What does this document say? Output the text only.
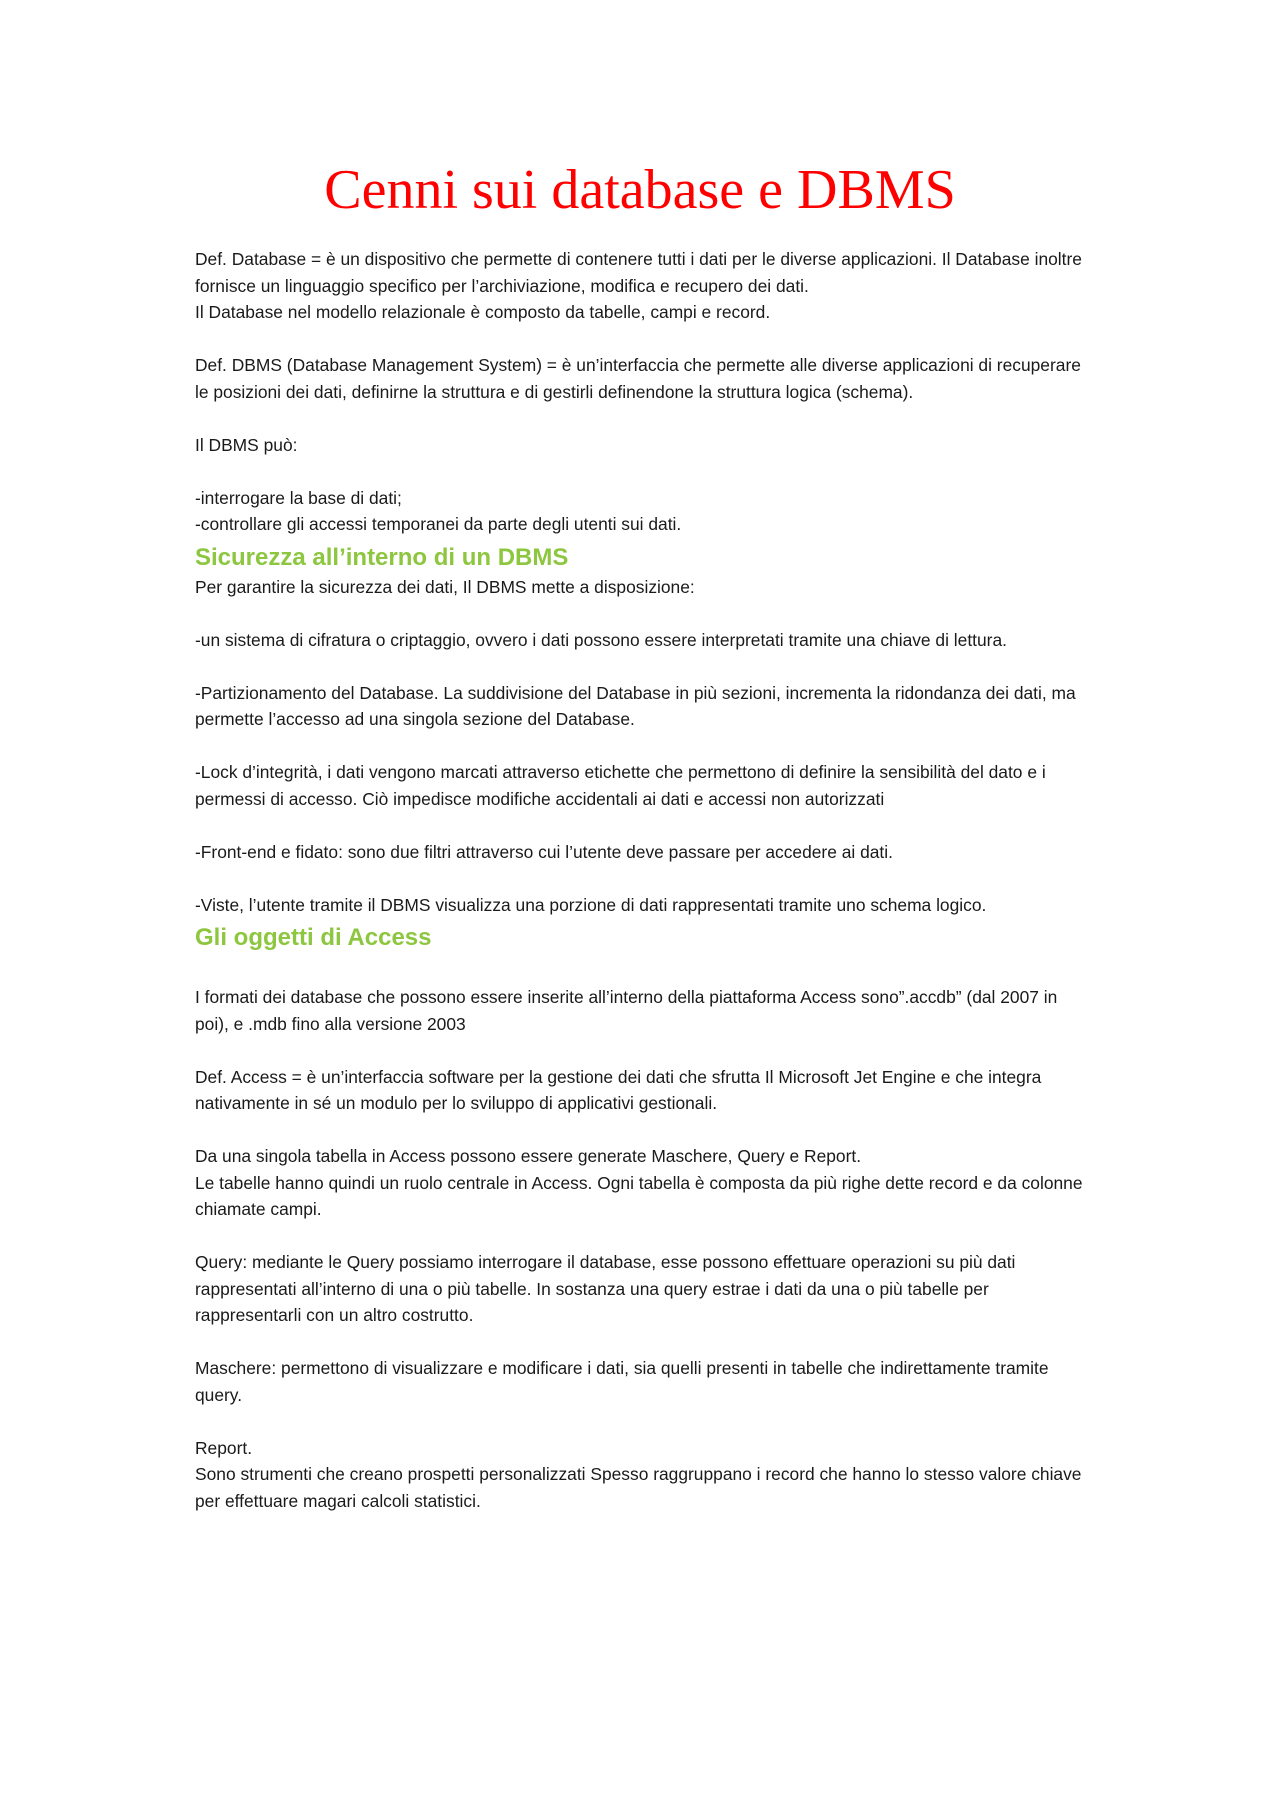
Cenni sui database e DBMS

Def. Database = è un dispositivo che permette di contenere tutti i dati per le diverse applicazioni. Il Database inoltre fornisce un linguaggio specifico per l’archiviazione, modifica e recupero dei dati.

Il Database nel modello relazionale è composto da tabelle, campi e record.

Def. DBMS (Database Management System) = è un’interfaccia che permette alle diverse applicazioni di recuperare le posizioni dei dati, definirne la struttura e di gestirli definendone la struttura logica (schema).

Il DBMS può:

-interrogare la base di dati;

-controllare gli accessi temporanei da parte degli utenti sui dati.

Sicurezza all’interno di un DBMS

Per garantire la sicurezza dei dati, Il DBMS mette a disposizione:

-un sistema di cifratura o criptaggio, ovvero i dati possono essere interpretati tramite una chiave di lettura.

-Partizionamento del Database. La suddivisione del Database in più sezioni, incrementa la ridondanza dei dati, ma permette l’accesso ad una singola sezione del Database.

-Lock d’integrità, i dati vengono marcati attraverso etichette che permettono di definire la sensibilità del dato e i permessi di accesso. Ciò impedisce modifiche accidentali ai dati e accessi non autorizzati

-Front-end e fidato: sono due filtri attraverso cui l’utente deve passare per accedere ai dati.

-Viste, l’utente tramite il DBMS visualizza una porzione di dati rappresentati tramite uno schema logico.

Gli oggetti di Access

I formati dei database che possono essere inserite all’interno della piattaforma Access sono”.accdb” (dal 2007 in poi), e .mdb fino alla versione 2003

Def. Access = è un’interfaccia software per la gestione dei dati che sfrutta Il Microsoft Jet Engine e che integra nativamente in sé un modulo per lo sviluppo di applicativi gestionali.

Da una singola tabella in Access possono essere generate Maschere, Query e Report.

Le tabelle hanno quindi un ruolo centrale in Access. Ogni tabella è composta da più righe dette record e da colonne chiamate campi.

Query: mediante le Query possiamo interrogare il database, esse possono effettuare operazioni su più dati rappresentati all’interno di una o più tabelle. In sostanza una query estrae i dati da una o più tabelle per rappresentarli con un altro costrutto.

Maschere: permettono di visualizzare e modificare i dati, sia quelli presenti in tabelle che indirettamente tramite query.

Report.

Sono strumenti che creano prospetti personalizzati Spesso raggruppano i record che hanno lo stesso valore chiave per effettuare magari calcoli statistici.
